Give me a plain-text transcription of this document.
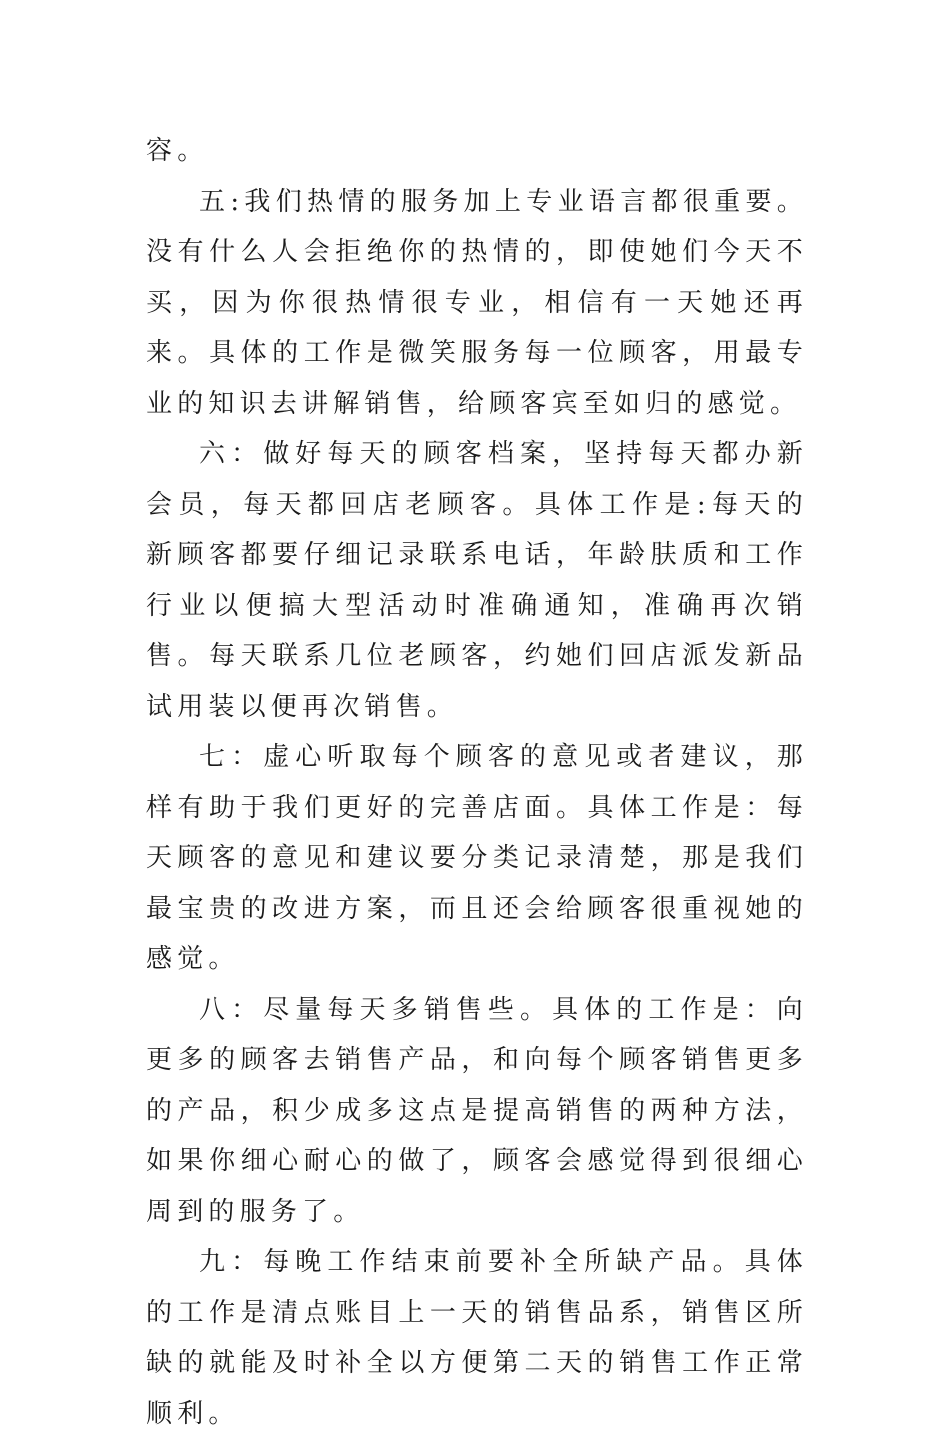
容。

五:我们热情的服务加上专业语言都很重要。没有什么人会拒绝你的热情的，即使她们今天不买，因为你很热情很专业，相信有一天她还再来。具体的工作是微笑服务每一位顾客，用最专业的知识去讲解销售，给顾客宾至如归的感觉。

六：做好每天的顾客档案，坚持每天都办新会员，每天都回店老顾客。具体工作是:每天的新顾客都要仔细记录联系电话，年龄肤质和工作行业以便搞大型活动时准确通知，准确再次销售。每天联系几位老顾客，约她们回店派发新品试用装以便再次销售。

七：虚心听取每个顾客的意见或者建议，那样有助于我们更好的完善店面。具体工作是：每天顾客的意见和建议要分类记录清楚，那是我们最宝贵的改进方案，而且还会给顾客很重视她的感觉。

八：尽量每天多销售些。具体的工作是：向更多的顾客去销售产品，和向每个顾客销售更多的产品，积少成多这点是提高销售的两种方法，如果你细心耐心的做了，顾客会感觉得到很细心周到的服务了。

九：每晚工作结束前要补全所缺产品。具体的工作是清点账目上一天的销售品系，销售区所缺的就能及时补全以方便第二天的销售工作正常顺利。
